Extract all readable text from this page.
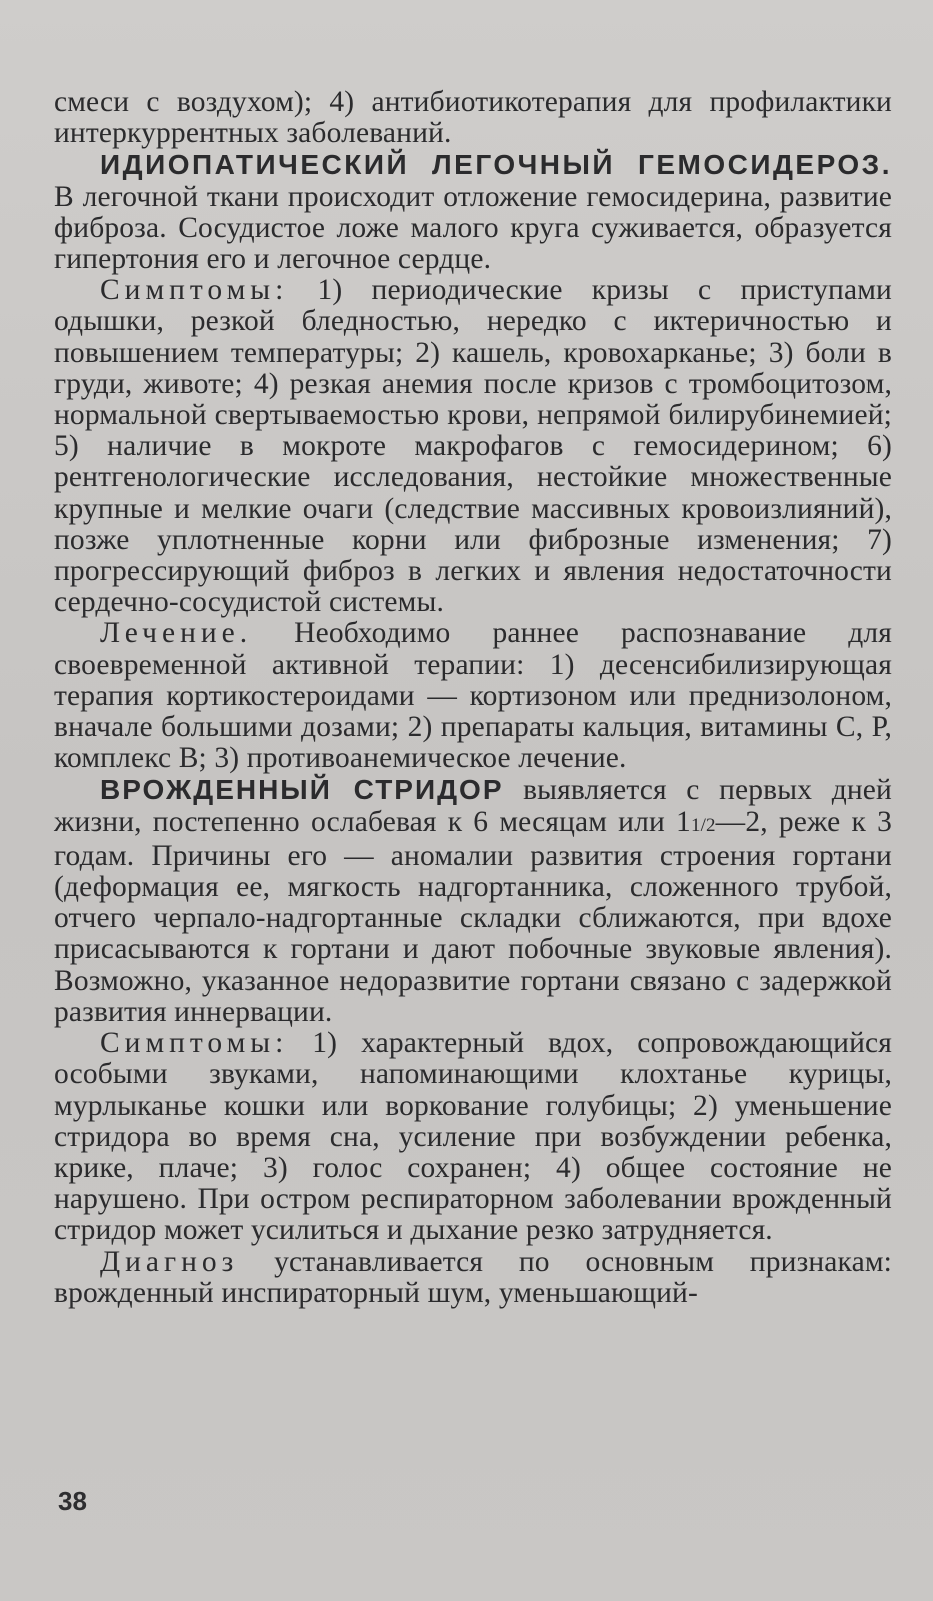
смеси с воздухом); 4) антибиотикотерапия для профилактики интеркуррентных заболеваний.

ИДИОПАТИЧЕСКИЙ ЛЕГОЧНЫЙ ГЕМОСИДЕРОЗ. В легочной ткани происходит отложение гемосидерина, развитие фиброза. Сосудистое ложе малого круга суживается, образуется гипертония его и легочное сердце.

Симптомы: 1) периодические кризы с приступами одышки, резкой бледностью, нередко с иктеричностью и повышением температуры; 2) кашель, кровохарканье; 3) боли в груди, животе; 4) резкая анемия после кризов с тромбоцитозом, нормальной свертываемостью крови, непрямой билирубинемией; 5) наличие в мокроте макрофагов с гемосидерином; 6) рентгенологические исследования, нестойкие множественные крупные и мелкие очаги (следствие массивных кровоизлияний), позже уплотненные корни или фиброзные изменения; 7) прогрессирующий фиброз в легких и явления недостаточности сердечно-сосудистой системы.

Лечение. Необходимо раннее распознавание для своевременной активной терапии: 1) десенсибилизирующая терапия кортикостероидами — кортизоном или преднизолоном, вначале большими дозами; 2) препараты кальция, витамины С, Р, комплекс В; 3) противоанемическое лечение.

ВРОЖДЕННЫЙ СТРИДОР выявляется с первых дней жизни, постепенно ослабевая к 6 месяцам или 11/2—2, реже к 3 годам. Причины его — аномалии развития строения гортани (деформация ее, мягкость надгортанника, сложенного трубой, отчего черпало-надгортанные складки сближаются, при вдохе присасываются к гортани и дают побочные звуковые явления). Возможно, указанное недоразвитие гортани связано с задержкой развития иннервации.

Симптомы: 1) характерный вдох, сопровождающийся особыми звуками, напоминающими клохтанье курицы, мурлыканье кошки или воркование голубицы; 2) уменьшение стридора во время сна, усиление при возбуждении ребенка, крике, плаче; 3) голос сохранен; 4) общее состояние не нарушено. При остром респираторном заболевании врожденный стридор может усилиться и дыхание резко затрудняется.

Диагноз устанавливается по основным признакам: врожденный инспираторный шум, уменьшающий-

38
